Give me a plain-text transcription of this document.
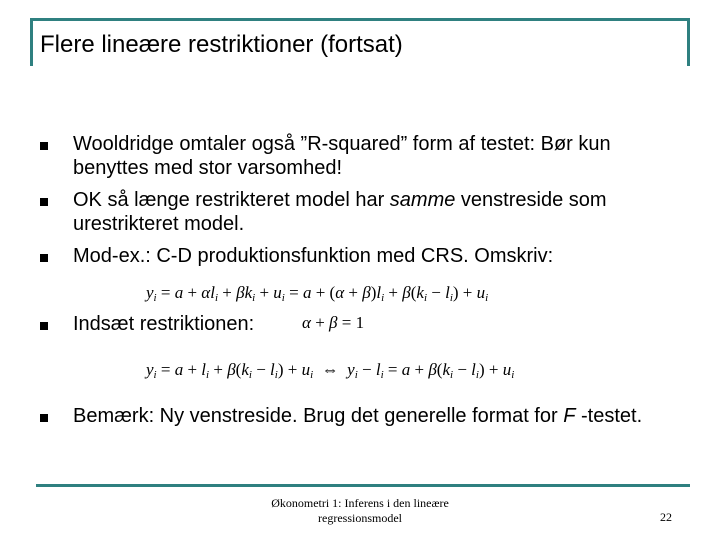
Flere lineære restriktioner (fortsat)
Wooldridge omtaler også ”R-squared” form af testet: Bør kun benyttes med stor varsomhed!
OK så længe restrikteret model har samme venstreside som urestrikteret model.
Mod-ex.: C-D produktionsfunktion med CRS. Omskriv:
$y_i = a + \alpha l_i + \beta k_i + u_i = a + (\alpha + \beta)l_i + \beta(k_i - l_i) + u_i$
Indsæt restriktionen:	α + β = 1
$y_i = a + l_i + \beta(k_i - l_i) + u_i$  ⇔  $y_i - l_i = a + \beta(k_i - l_i) + u_i$
Bemærk: Ny venstreside. Brug det generelle format for F -testet.
Økonometri 1: Inferens i den lineære
regressionsmodel	22
